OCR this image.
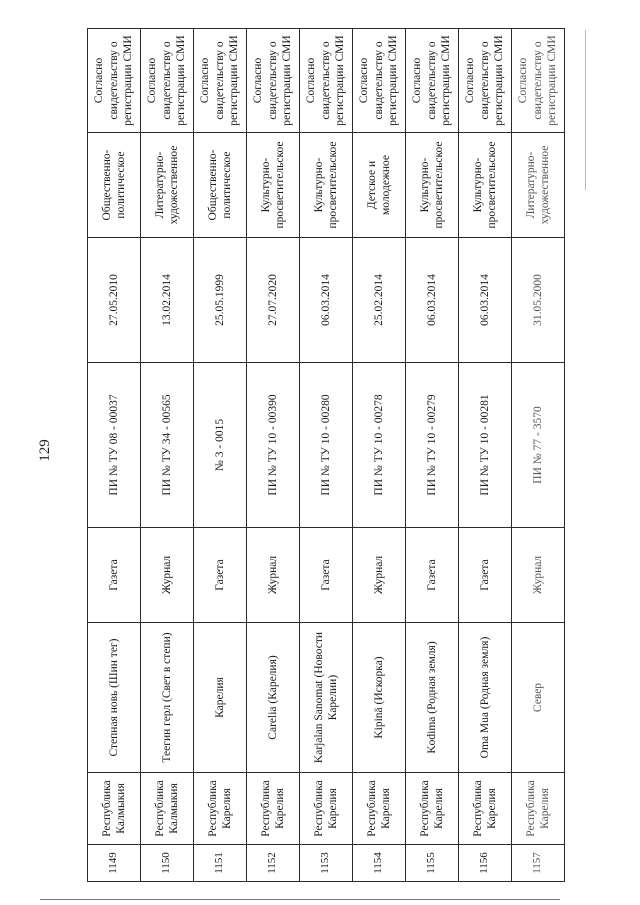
129
1149	Республика Калмыкия	Степная новь (Шин тег)	Газета	ПИ № ТУ 08 - 00037	27.05.2010	Общественно-политическое	Согласно свидетельству о регистрации СМИ
1150	Республика Калмыкия	Теегин герл (Свет в степи)	Журнал	ПИ № ТУ 34 - 00565	13.02.2014	Литературно-художественное	Согласно свидетельству о регистрации СМИ
1151	Республика Карелия	Карелия	Газета	№ 3 - 0015	25.05.1999	Общественно-политическое	Согласно свидетельству о регистрации СМИ
1152	Республика Карелия	Carelia (Карелия)	Журнал	ПИ № ТУ 10 - 00390	27.07.2020	Культурно-просветительское	Согласно свидетельству о регистрации СМИ
1153	Республика Карелия	Karjalan Sanomat (Новости Карелии)	Газета	ПИ № ТУ 10 - 00280	06.03.2014	Культурно-просветительское	Согласно свидетельству о регистрации СМИ
1154	Республика Карелия	Kipinä (Искорка)	Журнал	ПИ № ТУ 10 - 00278	25.02.2014	Детское и молодежное	Согласно свидетельству о регистрации СМИ
1155	Республика Карелия	Kodima (Родная земля)	Газета	ПИ № ТУ 10 - 00279	06.03.2014	Культурно-просветительское	Согласно свидетельству о регистрации СМИ
1156	Республика Карелия	Oma Mua (Родная земля)	Газета	ПИ № ТУ 10 - 00281	06.03.2014	Культурно-просветительское	Согласно свидетельству о регистрации СМИ
1157	Республика Карелия	Север	Журнал	ПИ № 77 - 3570	31.05.2000	Литературно-художественное	Согласно свидетельству о регистрации СМИ
